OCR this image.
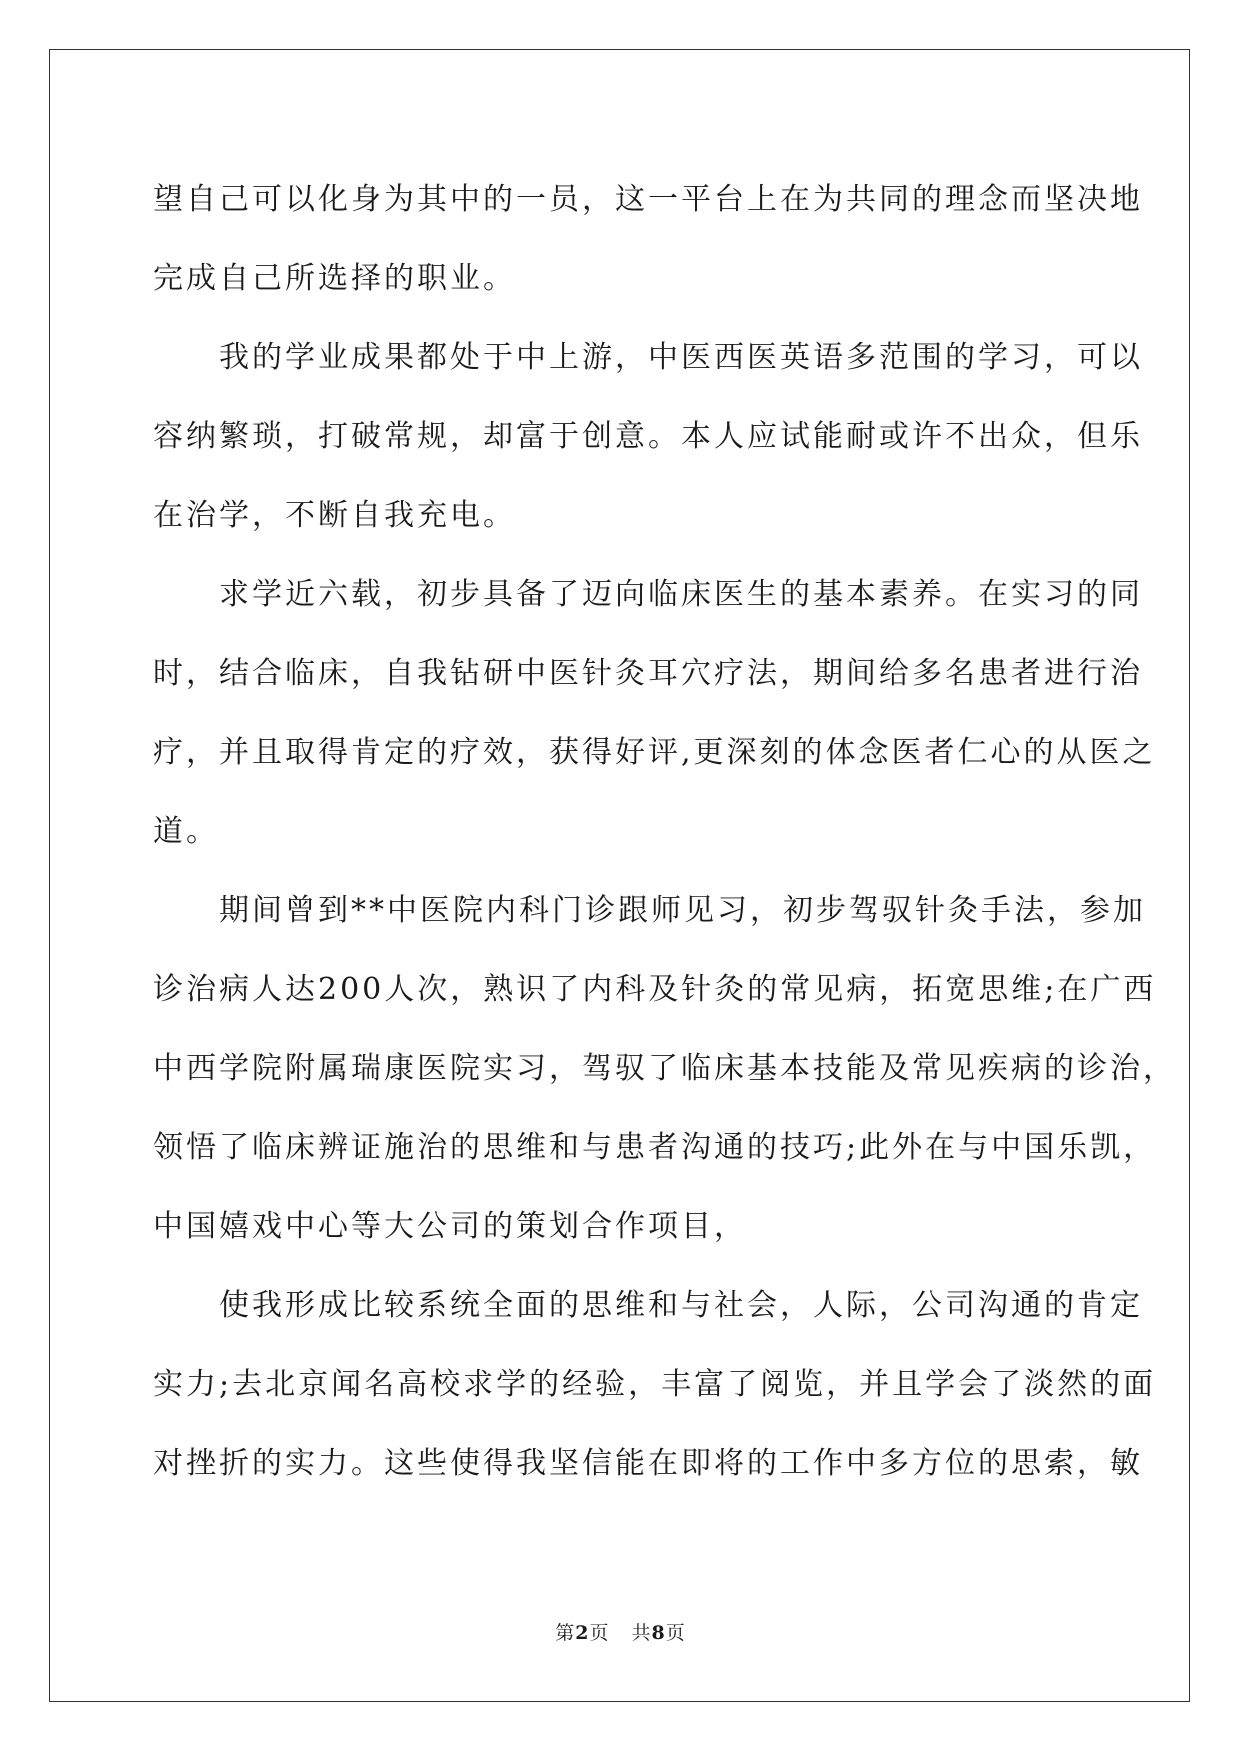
望自己可以化身为其中的一员，这一平台上在为共同的理念而坚决地
完成自己所选择的职业。

我的学业成果都处于中上游，中医西医英语多范围的学习，可以
容纳繁琐，打破常规，却富于创意。本人应试能耐或许不出众，但乐
在治学，不断自我充电。

求学近六载，初步具备了迈向临床医生的基本素养。在实习的同
时，结合临床，自我钻研中医针灸耳穴疗法，期间给多名患者进行治
疗，并且取得肯定的疗效，获得好评,更深刻的体念医者仁心的从医之
道。

期间曾到**中医院内科门诊跟师见习，初步驾驭针灸手法，参加
诊治病人达200人次，熟识了内科及针灸的常见病，拓宽思维;在广西
中西学院附属瑞康医院实习，驾驭了临床基本技能及常见疾病的诊治，
领悟了临床辨证施治的思维和与患者沟通的技巧;此外在与中国乐凯，
中国嬉戏中心等大公司的策划合作项目，

使我形成比较系统全面的思维和与社会，人际，公司沟通的肯定
实力;去北京闻名高校求学的经验，丰富了阅览，并且学会了淡然的面
对挫折的实力。这些使得我坚信能在即将的工作中多方位的思索，敏

第2页 共8页
